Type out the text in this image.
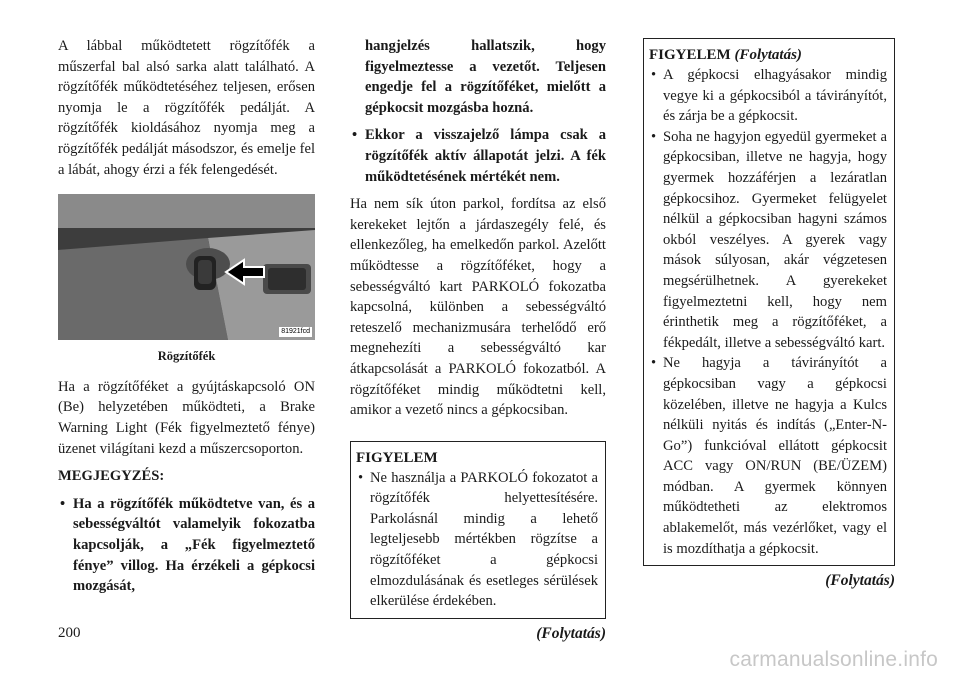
A lábbal működtetett rögzítőfék a műszerfal bal alsó sarka alatt található. A rögzítőfék működtetéséhez teljesen, erősen nyomja le a rögzítőfék pedálját. A rögzítőfék kioldásához nyomja meg a rögzítőfék pedálját másodszor, és emelje fel a lábát, ahogy érzi a fék felengedését.

81921fcd
Rögzítőfék

Ha a rögzítőféket a gyújtáskapcsoló ON (Be) helyzetében működteti, a Brake Warning Light (Fék figyelmeztető fénye) üzenet világítani kezd a műszercsoporton.

MEGJEGYZÉS:

• Ha a rögzítőfék működtetve van, és a sebességváltót valamelyik fokozatba kapcsolják, a „Fék figyelmeztető fénye” villog. Ha érzékeli a gépkocsi mozgását,
hangjelzés hallatszik, hogy figyelmeztesse a vezetőt. Teljesen engedje fel a rögzítőféket, mielőtt a gépkocsit mozgásba hozná.
• Ekkor a visszajelző lámpa csak a rögzítőfék aktív állapotát jelzi. A fék működtetésének mértékét nem.

Ha nem sík úton parkol, fordítsa az első kerekeket lejtőn a járdaszegély felé, és ellenkezőleg, ha emelkedőn parkol. Azelőtt működtesse a rögzítőféket, hogy a sebességváltó kart PARKOLÓ fokozatba kapcsolná, különben a sebességváltó reteszelő mechanizmusára terhelődő erő megnehezíti a sebességváltó kar átkapcsolását a PARKOLÓ fokozatból. A rögzítőféket mindig működtetni kell, amikor a vezető nincs a gépkocsiban.

FIGYELEM
• Ne használja a PARKOLÓ fokozatot a rögzítőfék helyettesítésére. Parkolásnál mindig a lehető legteljesebb mértékben rögzítse a rögzítőféket a gépkocsi elmozdulásának és esetleges sérülések elkerülése érdekében.
(Folytatás)
FIGYELEM (Folytatás)
• A gépkocsi elhagyásakor mindig vegye ki a gépkocsiból a távirányítót, és zárja be a gépkocsit.
• Soha ne hagyjon egyedül gyermeket a gépkocsiban, illetve ne hagyja, hogy gyermek hozzáférjen a lezáratlan gépkocsihoz. Gyermeket felügyelet nélkül a gépkocsiban hagyni számos okból veszélyes. A gyerek vagy mások súlyosan, akár végzetesen megsérülhetnek. A gyerekeket figyelmeztetni kell, hogy nem érinthetik meg a rögzítőféket, a fékpedált, illetve a sebességváltó kart.
• Ne hagyja a távirányítót a gépkocsiban vagy a gépkocsi közelében, illetve ne hagyja a Kulcs nélküli nyitás és indítás („Enter-N-Go”) funkcióval ellátott gépkocsit ACC vagy ON/RUN (BE/ÜZEM) módban. A gyermek könnyen működtetheti az elektromos ablakemelőt, más vezérlőket, vagy el is mozdíthatja a gépkocsit.
(Folytatás)
200
carmanualsonline.info
